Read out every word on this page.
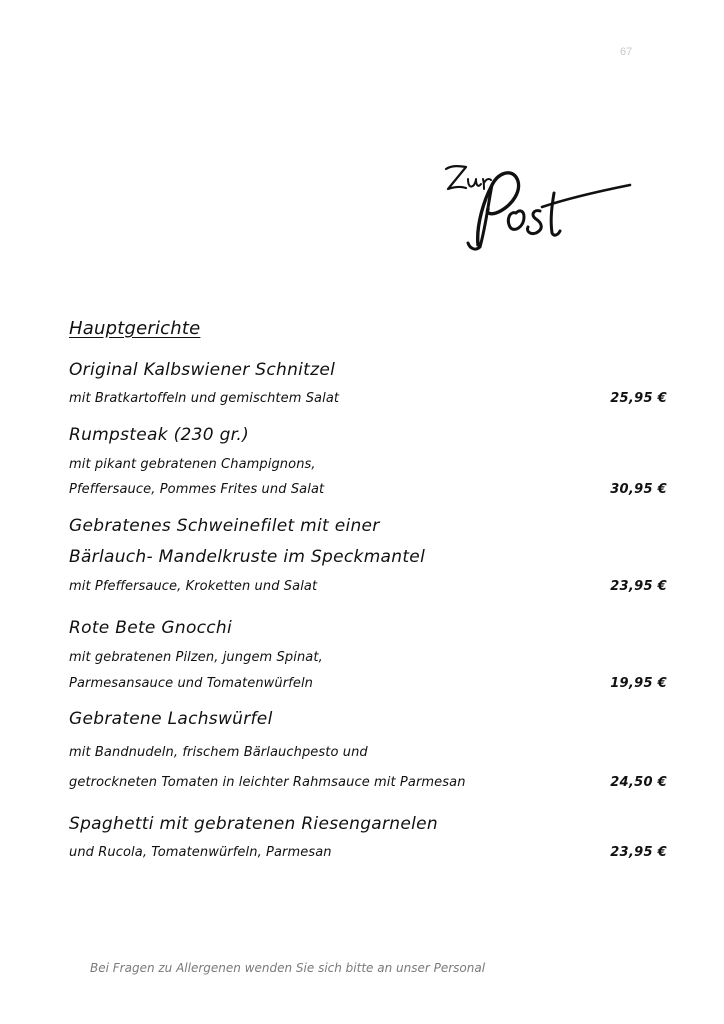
67
Hauptgerichte
Original Kalbswiener Schnitzel
mit Bratkartoffeln und gemischtem Salat	25,95 €
Rumpsteak (230 gr.)
mit pikant gebratenen Champignons,
Pfeffersauce, Pommes Frites und Salat	30,95 €
Gebratenes Schweinefilet mit einer
Bärlauch- Mandelkruste im Speckmantel
mit Pfeffersauce, Kroketten und Salat	23,95 €
Rote Bete Gnocchi
mit gebratenen Pilzen, jungem Spinat,
Parmesansauce und Tomatenwürfeln	19,95 €
Gebratene Lachswürfel
mit Bandnudeln, frischem Bärlauchpesto und
getrockneten Tomaten in leichter Rahmsauce mit Parmesan	24,50 €
Spaghetti mit gebratenen Riesengarnelen
und Rucola, Tomatenwürfeln, Parmesan	23,95 €
Bei Fragen zu Allergenen wenden Sie sich bitte an unser Personal
